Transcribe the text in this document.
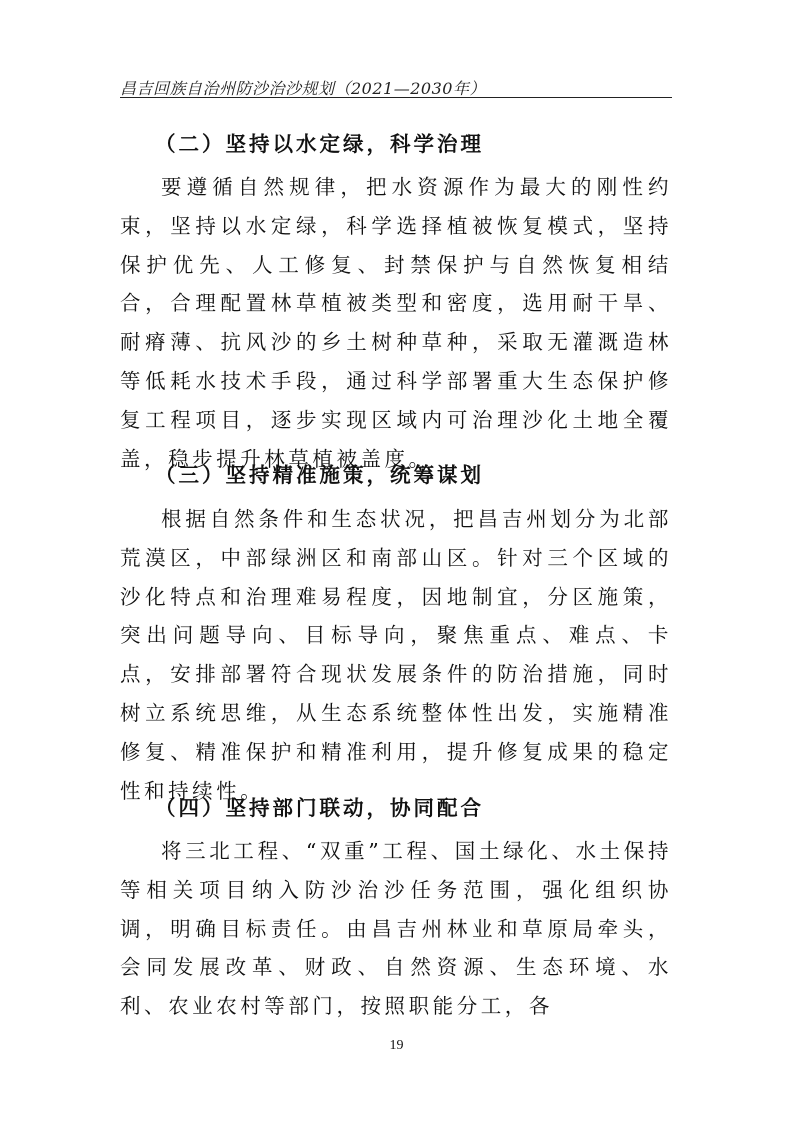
昌吉回族自治州防沙治沙规划（2021—2030年）
（二）坚持以水定绿，科学治理

要遵循自然规律，把水资源作为最大的刚性约束，坚持以水定绿，科学选择植被恢复模式，坚持保护优先、人工修复、封禁保护与自然恢复相结合，合理配置林草植被类型和密度，选用耐干旱、耐瘠薄、抗风沙的乡土树种草种，采取无灌溉造林等低耗水技术手段，通过科学部署重大生态保护修复工程项目，逐步实现区域内可治理沙化土地全覆盖，稳步提升林草植被盖度。

（三）坚持精准施策，统筹谋划

根据自然条件和生态状况，把昌吉州划分为北部荒漠区，中部绿洲区和南部山区。针对三个区域的沙化特点和治理难易程度，因地制宜，分区施策，突出问题导向、目标导向，聚焦重点、难点、卡点，安排部署符合现状发展条件的防治措施，同时树立系统思维，从生态系统整体性出发，实施精准修复、精准保护和精准利用，提升修复成果的稳定性和持续性。

（四）坚持部门联动，协同配合

将三北工程、“双重”工程、国土绿化、水土保持等相关项目纳入防沙治沙任务范围，强化组织协调，明确目标责任。由昌吉州林业和草原局牵头，会同发展改革、财政、自然资源、生态环境、水利、农业农村等部门，按照职能分工，各

19
